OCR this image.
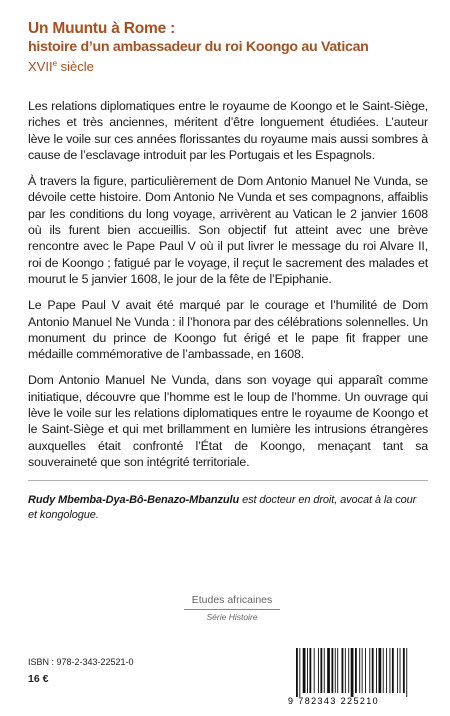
Un Muuntu à Rome :
histoire d’un ambassadeur du roi Koongo au Vatican
XVIIe siècle

Les relations diplomatiques entre le royaume de Koongo et le Saint-Siège, riches et très anciennes, méritent d’être longuement étudiées. L’auteur lève le voile sur ces années florissantes du royaume mais aussi sombres à cause de l’esclavage introduit par les Portugais et les Espagnols.

À travers la figure, particulièrement de Dom Antonio Manuel Ne Vunda, se dévoile cette histoire. Dom Antonio Ne Vunda et ses compagnons, affaiblis par les conditions du long voyage, arrivèrent au Vatican le 2 janvier 1608 où ils furent bien accueillis. Son objectif fut atteint avec une brève rencontre avec le Pape Paul V où il put livrer le message du roi Alvare II, roi de Koongo ; fatigué par le voyage, il reçut le sacrement des malades et mourut le 5 janvier 1608, le jour de la fête de l’Epiphanie.

Le Pape Paul V avait été marqué par le courage et l’humilité de Dom Antonio Manuel Ne Vunda : il l’honora par des célébrations solennelles. Un monument du prince de Koongo fut érigé et le pape fit frapper une médaille commémorative de l’ambassade, en 1608.

Dom Antonio Manuel Ne Vunda, dans son voyage qui apparaît comme initiatique, découvre que l’homme est le loup de l’homme. Un ouvrage qui lève le voile sur les relations diplomatiques entre le royaume de Koongo et le Saint-Siège et qui met brillamment en lumière les intrusions étrangères auxquelles était confronté l’État de Koongo, menaçant tant sa souveraineté que son intégrité territoriale.

Rudy Mbemba-Dya-Bô-Benazo-Mbanzulu est docteur en droit, avocat à la cour et kongologue.
Etudes africaines
Série Histoire
ISBN : 978-2-343-22521-0
16 €
9 782343 225210
